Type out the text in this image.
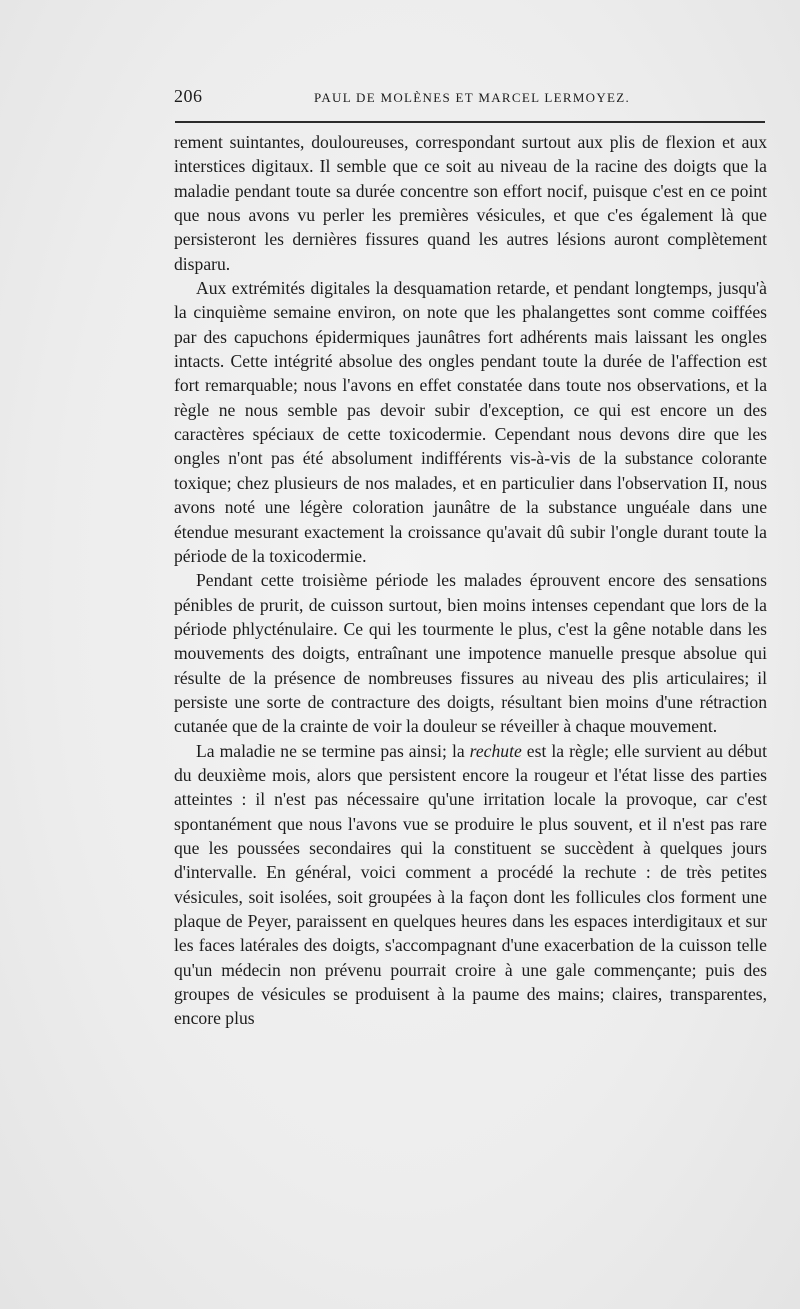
206	PAUL DE MOLÈNES ET MARCEL LERMOYEZ.

rement suintantes, douloureuses, correspondant surtout aux plis de flexion et aux interstices digitaux. Il semble que ce soit au niveau de la racine des doigts que la maladie pendant toute sa durée concentre son effort nocif, puisque c'est en ce point que nous avons vu perler les premières vésicules, et que c'es également là que persisteront les dernières fissures quand les autres lésions auront complètement disparu.

Aux extrémités digitales la desquamation retarde, et pendant longtemps, jusqu'à la cinquième semaine environ, on note que les phalangettes sont comme coiffées par des capuchons épidermiques jaunâtres fort adhérents mais laissant les ongles intacts. Cette intégrité absolue des ongles pendant toute la durée de l'affection est fort remarquable; nous l'avons en effet constatée dans toute nos observations, et la règle ne nous semble pas devoir subir d'exception, ce qui est encore un des caractères spéciaux de cette toxicodermie. Cependant nous devons dire que les ongles n'ont pas été absolument indifférents vis-à-vis de la substance colorante toxique; chez plusieurs de nos malades, et en particulier dans l'observation II, nous avons noté une légère coloration jaunâtre de la substance unguéale dans une étendue mesurant exactement la croissance qu'avait dû subir l'ongle durant toute la période de la toxicodermie.

Pendant cette troisième période les malades éprouvent encore des sensations pénibles de prurit, de cuisson surtout, bien moins intenses cependant que lors de la période phlycténulaire. Ce qui les tourmente le plus, c'est la gêne notable dans les mouvements des doigts, entraînant une impotence manuelle presque absolue qui résulte de la présence de nombreuses fissures au niveau des plis articulaires; il persiste une sorte de contracture des doigts, résultant bien moins d'une rétraction cutanée que de la crainte de voir la douleur se réveiller à chaque mouvement.

La maladie ne se termine pas ainsi; la rechute est la règle; elle survient au début du deuxième mois, alors que persistent encore la rougeur et l'état lisse des parties atteintes : il n'est pas nécessaire qu'une irritation locale la provoque, car c'est spontanément que nous l'avons vue se produire le plus souvent, et il n'est pas rare que les poussées secondaires qui la constituent se succèdent à quelques jours d'intervalle. En général, voici comment a procédé la rechute : de très petites vésicules, soit isolées, soit groupées à la façon dont les follicules clos forment une plaque de Peyer, paraissent en quelques heures dans les espaces interdigitaux et sur les faces latérales des doigts, s'accompagnant d'une exacerbation de la cuisson telle qu'un médecin non prévenu pourrait croire à une gale commençante; puis des groupes de vésicules se produisent à la paume des mains; claires, transparentes, encore plus
